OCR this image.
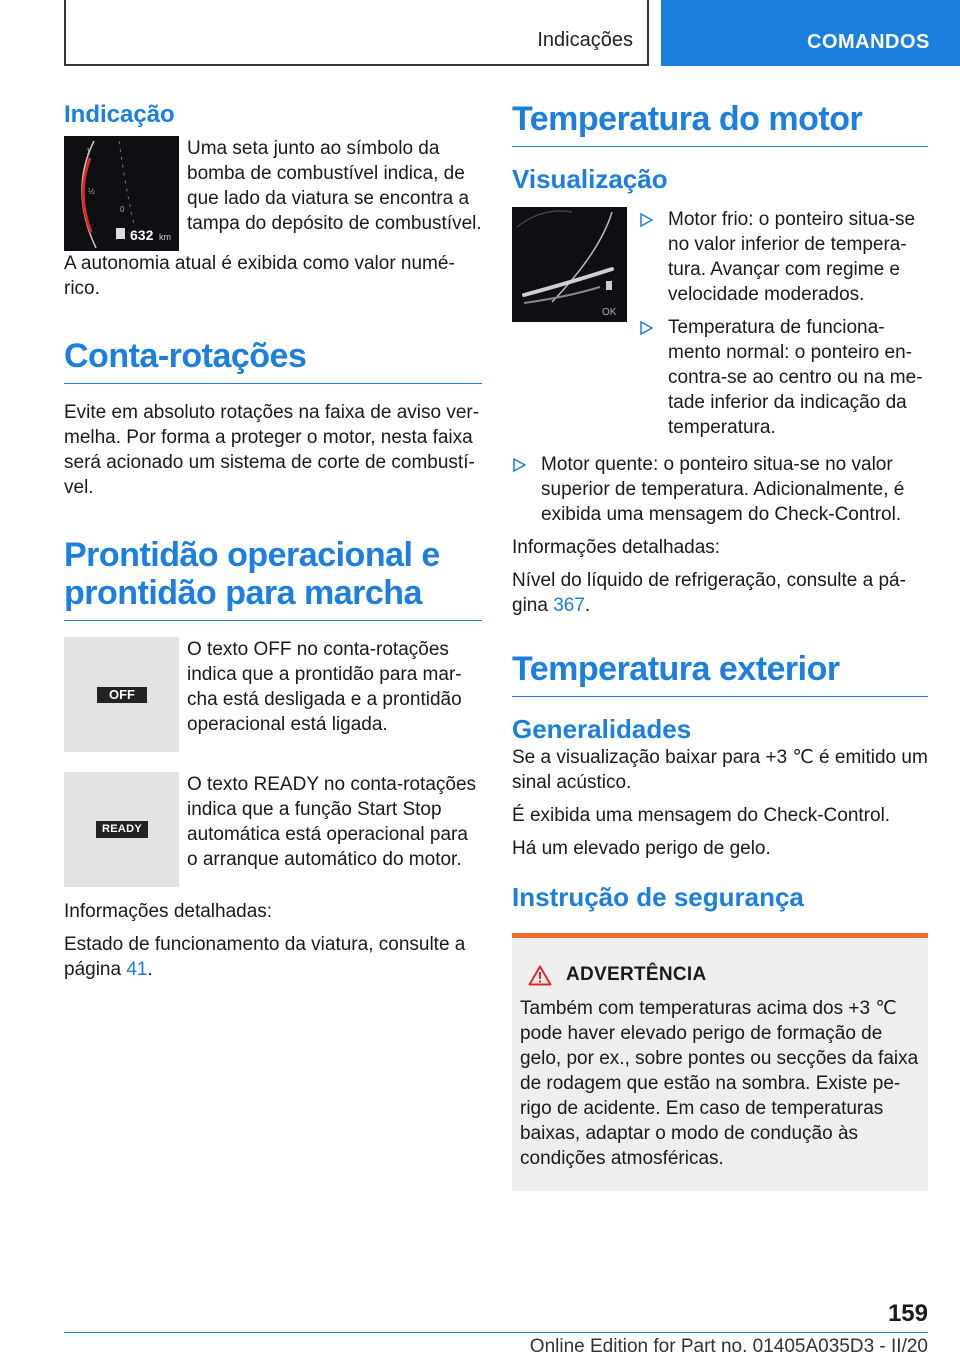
Indicações	COMANDOS
Indicação
1
½
0
632 km

Uma seta junto ao símbolo da bomba de combustível indica, de que lado da viatura se encontra a tampa do depósito de combustível.

A autonomia atual é exibida como valor numérico.

Conta-rotações

Evite em absoluto rotações na faixa de aviso vermelha. Por forma a proteger o motor, nesta faixa será acionado um sistema de corte de combustível.

Prontidão operacional e
prontidão para marcha
OFF

O texto OFF no conta-rotações indica que a prontidão para marcha está desligada e a prontidão operacional está ligada.

READY

O texto READY no conta-rotações indica que a função Start Stop automática está operacional para o arranque automático do motor.

Informações detalhadas:

Estado de funcionamento da viatura, consulte a página 41.

Temperatura do motor
Visualização
OK
Motor frio: o ponteiro situa-se no valor inferior de temperatura. Avançar com regime e velocidade moderados.
Temperatura de funcionamento normal: o ponteiro encontra-se ao centro ou na metade inferior da indicação da temperatura.
Motor quente: o ponteiro situa-se no valor superior de temperatura. Adicionalmente, é exibida uma mensagem do Check-Control.

Informações detalhadas:

Nível do líquido de refrigeração, consulte a página 367.

Temperatura exterior
Generalidades

Se a visualização baixar para +3 ℃ é emitido um sinal acústico.

É exibida uma mensagem do Check-Control.

Há um elevado perigo de gelo.

Instrução de segurança
ADVERTÊNCIA

Também com temperaturas acima dos +3 ℃ pode haver elevado perigo de formação de gelo, por ex., sobre pontes ou secções da faixa de rodagem que estão na sombra. Existe perigo de acidente. Em caso de temperaturas baixas, adaptar o modo de condução às condições atmosféricas.

159
Online Edition for Part no. 01405A035D3 - II/20
